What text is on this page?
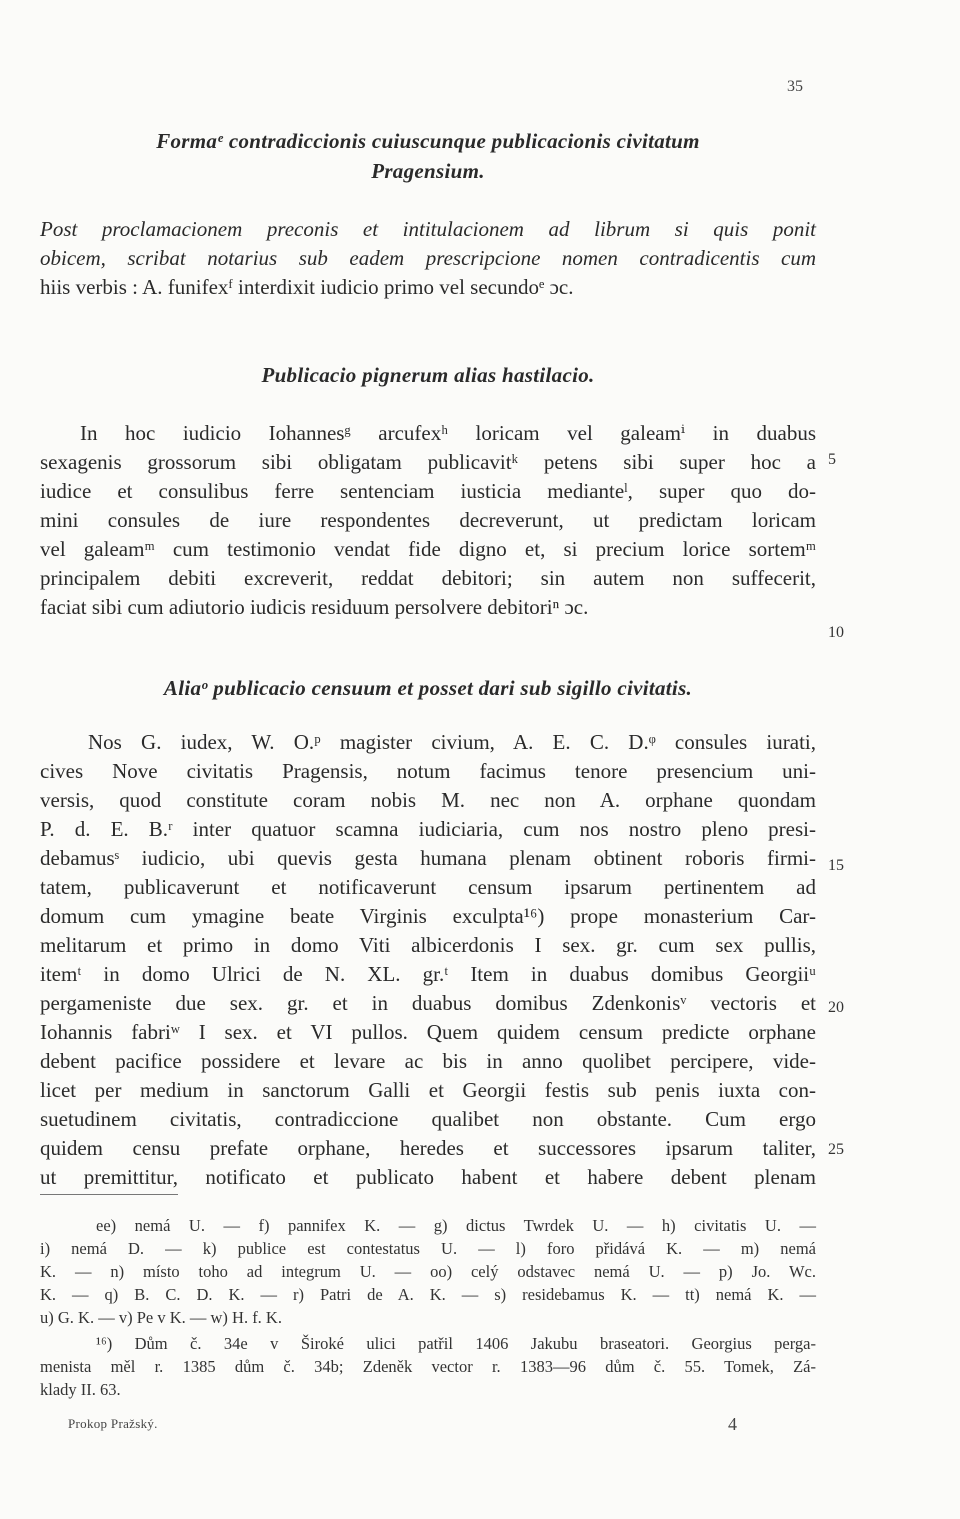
35
Formaᵉ contradiccionis cuiuscunque publicacionis civitatum
Pragensium.
Post proclamacionem preconis et intitulacionem ad librum si quis ponit
obicem, scribat notarius sub eadem prescripcione nomen contradicentis cum
hiis verbis : A. funifexᶠ interdixit iudicio primo vel secundoᵉ ɔc.
Publicacio pignerum alias hastilacio.
In hoc iudicio Iohannesᵍ arcufexʰ loricam vel galeamⁱ in duabus
sexagenis grossorum sibi obligatam publicavitᵏ petens sibi super hoc a
iudice et consulibus ferre sentenciam iusticia medianteˡ, super quo do-
mini consules de iure respondentes decreverunt, ut predictam loricam
vel galeamᵐ cum testimonio vendat fide digno et, si precium lorice sortemᵐ
principalem debiti excreverit, reddat debitori; sin autem non suffecerit,
faciat sibi cum adiutorio iudicis residuum persolvere debitoriⁿ ɔc.
5
10
Aliaᵒ publicacio censuum et posset dari sub sigillo civitatis.
Nos G. iudex, W. O.ᵖ magister civium, A. E. C. D.ᵠ consules iurati,
cives Nove civitatis Pragensis, notum facimus tenore presencium uni-
versis, quod constitute coram nobis M. nec non A. orphane quondam
P. d. E. B.ʳ inter quatuor scamna iudiciaria, cum nos nostro pleno presi-
debamusˢ iudicio, ubi quevis gesta humana plenam obtinent roboris firmi-
tatem, publicaverunt et notificaverunt censum ipsarum pertinentem ad
domum cum ymagine beate Virginis exculpta¹⁶) prope monasterium Car-
melitarum et primo in domo Viti albicerdonis I sex. gr. cum sex pullis,
itemᵗ in domo Ulrici de N. XL. gr.ᵗ Item in duabus domibus Georgiiᵘ
pergameniste due sex. gr. et in duabus domibus Zdenkonisᵛ vectoris et
Iohannis fabriʷ I sex. et VI pullos. Quem quidem censum predicte orphane
debent pacifice possidere et levare ac bis in anno quolibet percipere, vide-
licet per medium in sanctorum Galli et Georgii festis sub penis iuxta con-
suetudinem civitatis, contradiccione qualibet non obstante. Cum ergo
quidem censu prefate orphane, heredes et successores ipsarum taliter,
ut premittitur, notificato et publicato habent et habere debent plenam
15
20
25
ee) nemá U. — f) pannifex K. — g) dictus Twrdek U. — h) civitatis U. —
i) nemá D. — k) publice est contestatus U. — l) foro přidává K. — m) nemá
K. — n) místo toho ad integrum U. — oo) celý odstavec nemá U. — p) Jo. Wc.
K. — q) B. C. D. K. — r) Patri de A. K. — s) residebamus K. — tt) nemá K. —
u) G. K. — v) Pe v K. — w) H. f. K.
¹⁶) Dům č. 34e v Široké ulici patřil 1406 Jakubu braseatori. Georgius perga-
menista měl r. 1385 dům č. 34b; Zdeněk vector r. 1383—96 dům č. 55. Tomek, Zá-
klady II. 63.
Prokop Pražský.	4
